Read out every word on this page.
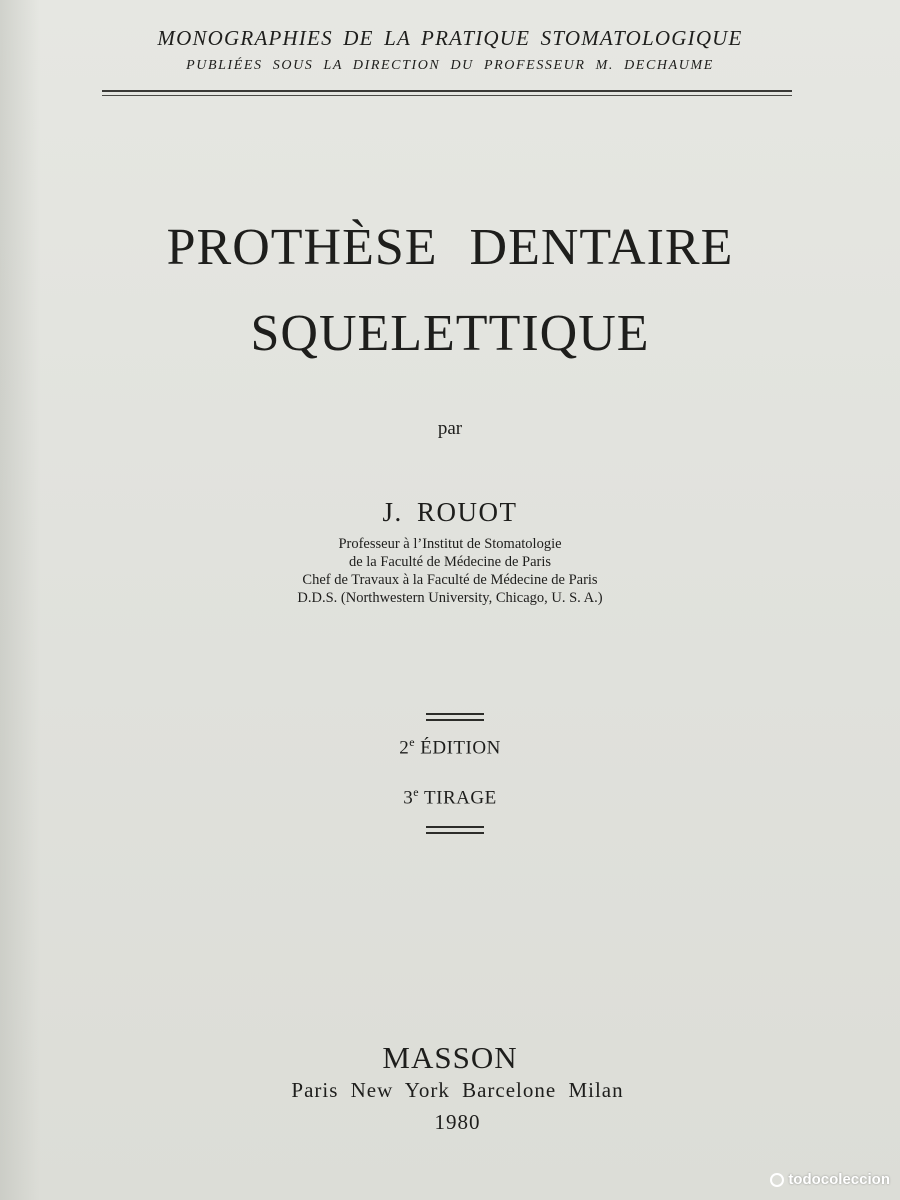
MONOGRAPHIES DE LA PRATIQUE STOMATOLOGIQUE
PUBLIÉES SOUS LA DIRECTION DU PROFESSEUR M. DECHAUME
PROTHÈSE DENTAIRE
SQUELETTIQUE
par
J. ROUOT
Professeur à l’Institut de Stomatologie
de la Faculté de Médecine de Paris
Chef de Travaux à la Faculté de Médecine de Paris
D.D.S. (Northwestern University, Chicago, U. S. A.)
2e ÉDITION
3e TIRAGE
MASSON
Paris New York Barcelone Milan
1980
todocoleccion
